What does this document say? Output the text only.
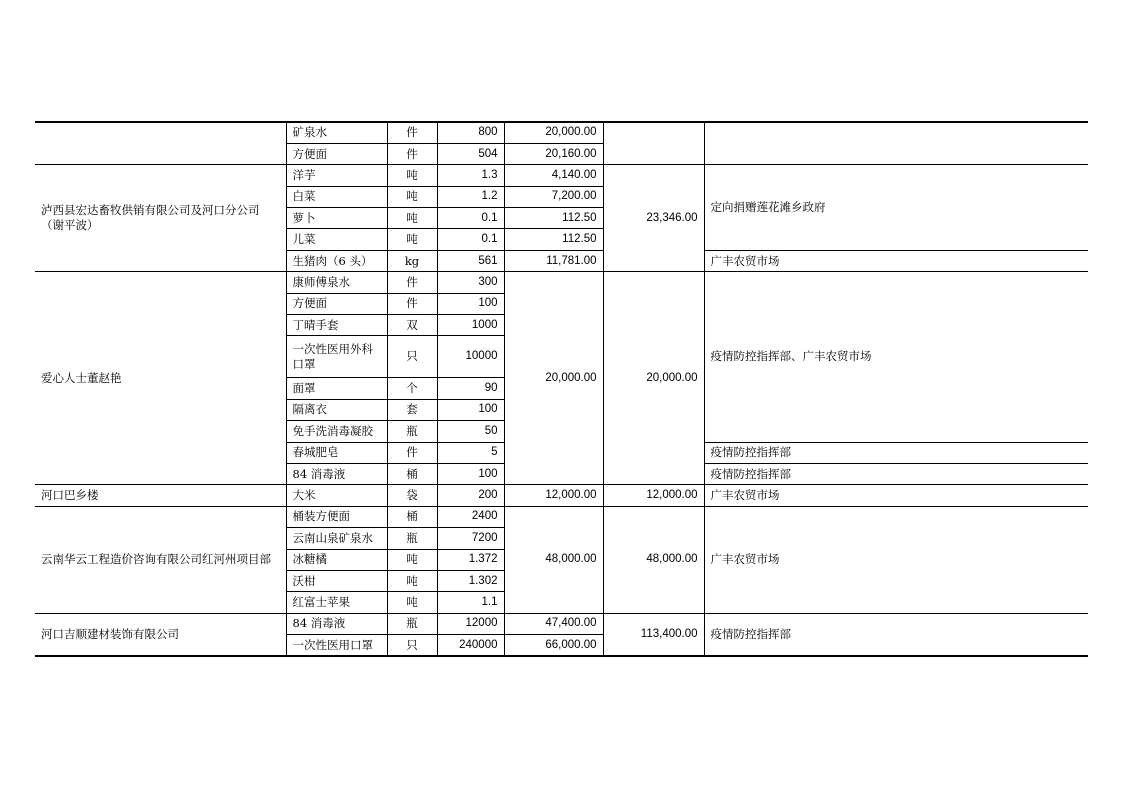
	矿泉水	件	800	20,000.00		
	方便面	件	504	20,160.00		
泸西县宏达畜牧供销有限公司及河口分公司（谢平波）	洋芋	吨	1.3	4,140.00	23,346.00	定向捐赠莲花滩乡政府
	白菜	吨	1.2	7,200.00		
	萝卜	吨	0.1	112.50		
	儿菜	吨	0.1	112.50		
	生猪肉（6 头）	kg	561	11,781.00		广丰农贸市场
爱心人士董赵艳	康师傅泉水	件	300	20,000.00	20,000.00	疫情防控指挥部、广丰农贸市场
	方便面	件	100			
	丁晴手套	双	1000			
	一次性医用外科口罩	只	10000			
	面罩	个	90			
	隔离衣	套	100			
	免手洗消毒凝胶	瓶	50			
	春城肥皂	件	5			疫情防控指挥部
	84 消毒液	桶	100			疫情防控指挥部
河口巴乡楼	大米	袋	200	12,000.00	12,000.00	广丰农贸市场
云南华云工程造价咨询有限公司红河州项目部	桶装方便面	桶	2400	48,000.00	48,000.00	广丰农贸市场
	云南山泉矿泉水	瓶	7200			
	冰糖橘	吨	1.372			
	沃柑	吨	1.302			
	红富士苹果	吨	1.1			
河口吉顺建材装饰有限公司	84 消毒液	瓶	12000	47,400.00	113,400.00	疫情防控指挥部
	一次性医用口罩	只	240000	66,000.00		
